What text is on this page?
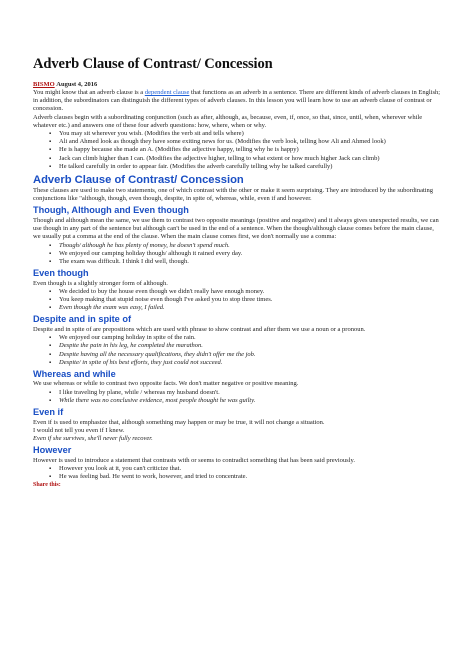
Adverb Clause of Contrast/ Concession
BISMO August 4, 2016

You might know that an adverb clause is a dependent clause that functions as an adverb in a sentence. There are different kinds of adverb clauses in English; in addition, the subordinators can distinguish the different types of adverb clauses. In this lesson you will learn how to use an adverb clause of contrast or concession.

Adverb clauses begin with a subordinating conjunction (such as after, although, as, because, even, if, once, so that, since, until, when, wherever while whatever etc.) and answers one of these four adverb questions: how, where, when or why.

▪ You may sit wherever you wish. (Modifies the verb sit and tells where)
▪ Ali and Ahmed look as though they have some exiting news for us. (Modifies the verb look, telling how Ali and Ahmed look)
▪ He is happy because she made an A. (Modifies the adjective happy, telling why he is happy)
▪ Jack can climb higher than I can. (Modifies the adjective higher, telling to what extent or how much higher Jack can climb)
▪ He talked carefully in order to appear fair. (Modifies the adverb carefully telling why he talked carefully)
Adverb Clause of Contrast/ Concession

These clauses are used to make two statements, one of which contrast with the other or make it seem surprising. They are introduced by the subordinating conjunctions like "although, though, even though, despite, in spite of, whereas, while, even if and however.

Though, Although and Even though

Though and although mean the same, we use them to contrast two opposite meanings (positive and negative) and it always gives unexpected results, we can use though in any part of the sentence but although can't be used in the end of a sentence. When the though/although clause comes before the main clause, we usually put a comma at the end of the clause. When the main clause comes first, we don't normally use a comma:

▪ Though/ although he has plenty of money, he doesn't spend much.
▪ We enjoyed our camping holiday though/ although it rained every day.
▪ The exam was difficult. I think I did well, though.
Even though

Even though is a slightly stronger form of although.

▪ We decided to buy the house even though we didn't really have enough money.
▪ You keep making that stupid noise even though I've asked you to stop three times.
▪ Even though the exam was easy, I failed.
Despite and in spite of

Despite and in spite of are prepositions which are used with phrase to show contrast and after them we use a noun or a pronoun.

▪ We enjoyed our camping holiday in spite of the rain.
▪ Despite the pain in his leg, he completed the marathon.
▪ Despite having all the necessary qualifications, they didn't offer me the job.
▪ Despite/ in spite of his best efforts, they just could not succeed.
Whereas and while

We use whereas or while to contrast two opposite facts. We don't matter negative or positive meaning.

▪ I like traveling by plane, while / whereas my husband doesn't.
▪ While there was no conclusive evidence, most people thought he was guilty.
Even if

Even if is used to emphasize that, although something may happen or may be true, it will not change a situation.

I would not tell you even if I knew.

Even if she survives, she'll never fully recover.

However

However is used to introduce a statement that contrasts with or seems to contradict something that has been said previously.

▪ However you look at it, you can't criticize that.
▪ He was feeling bad. He went to work, however, and tried to concentrate.
Share this:
